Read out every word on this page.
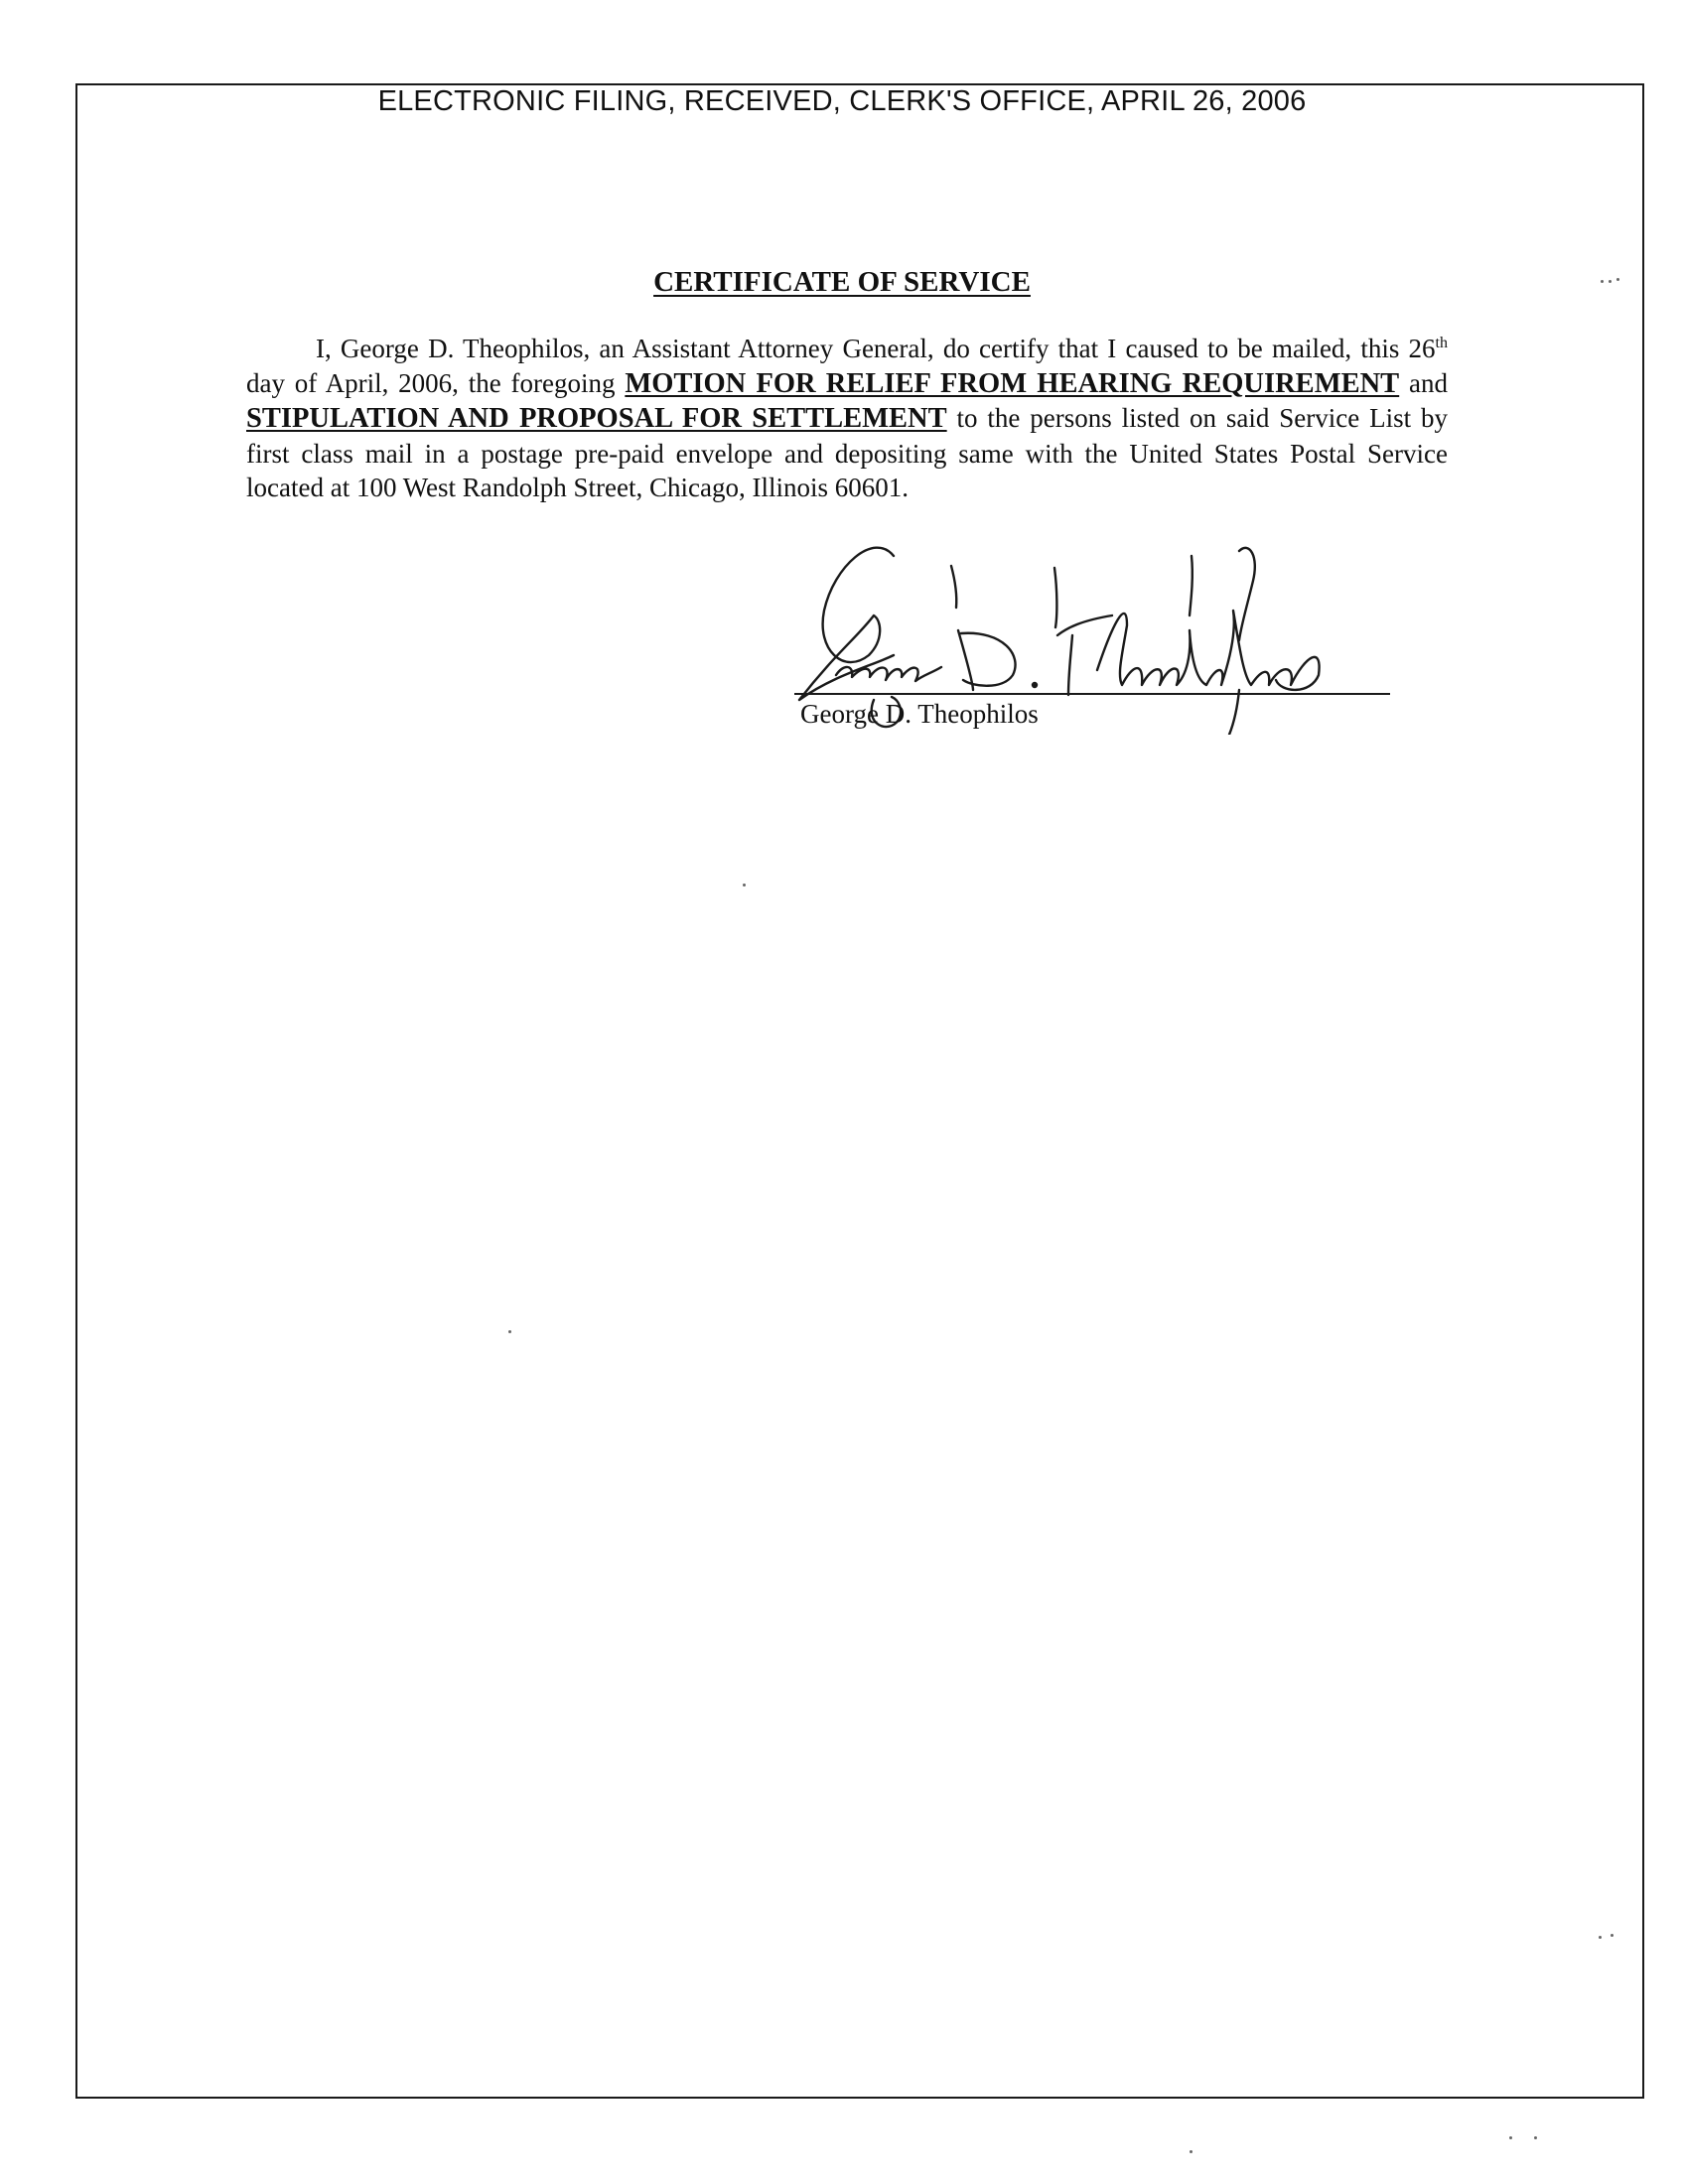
ELECTRONIC FILING, RECEIVED, CLERK'S OFFICE, APRIL 26, 2006
CERTIFICATE OF SERVICE

I, George D. Theophilos, an Assistant Attorney General, do certify that I caused to be mailed, this 26th day of April, 2006, the foregoing MOTION FOR RELIEF FROM HEARING REQUIREMENT and STIPULATION AND PROPOSAL FOR SETTLEMENT to the persons listed on said Service List by first class mail in a postage pre-paid envelope and depositing same with the United States Postal Service located at 100 West Randolph Street, Chicago, Illinois 60601.

George D. Theophilos
